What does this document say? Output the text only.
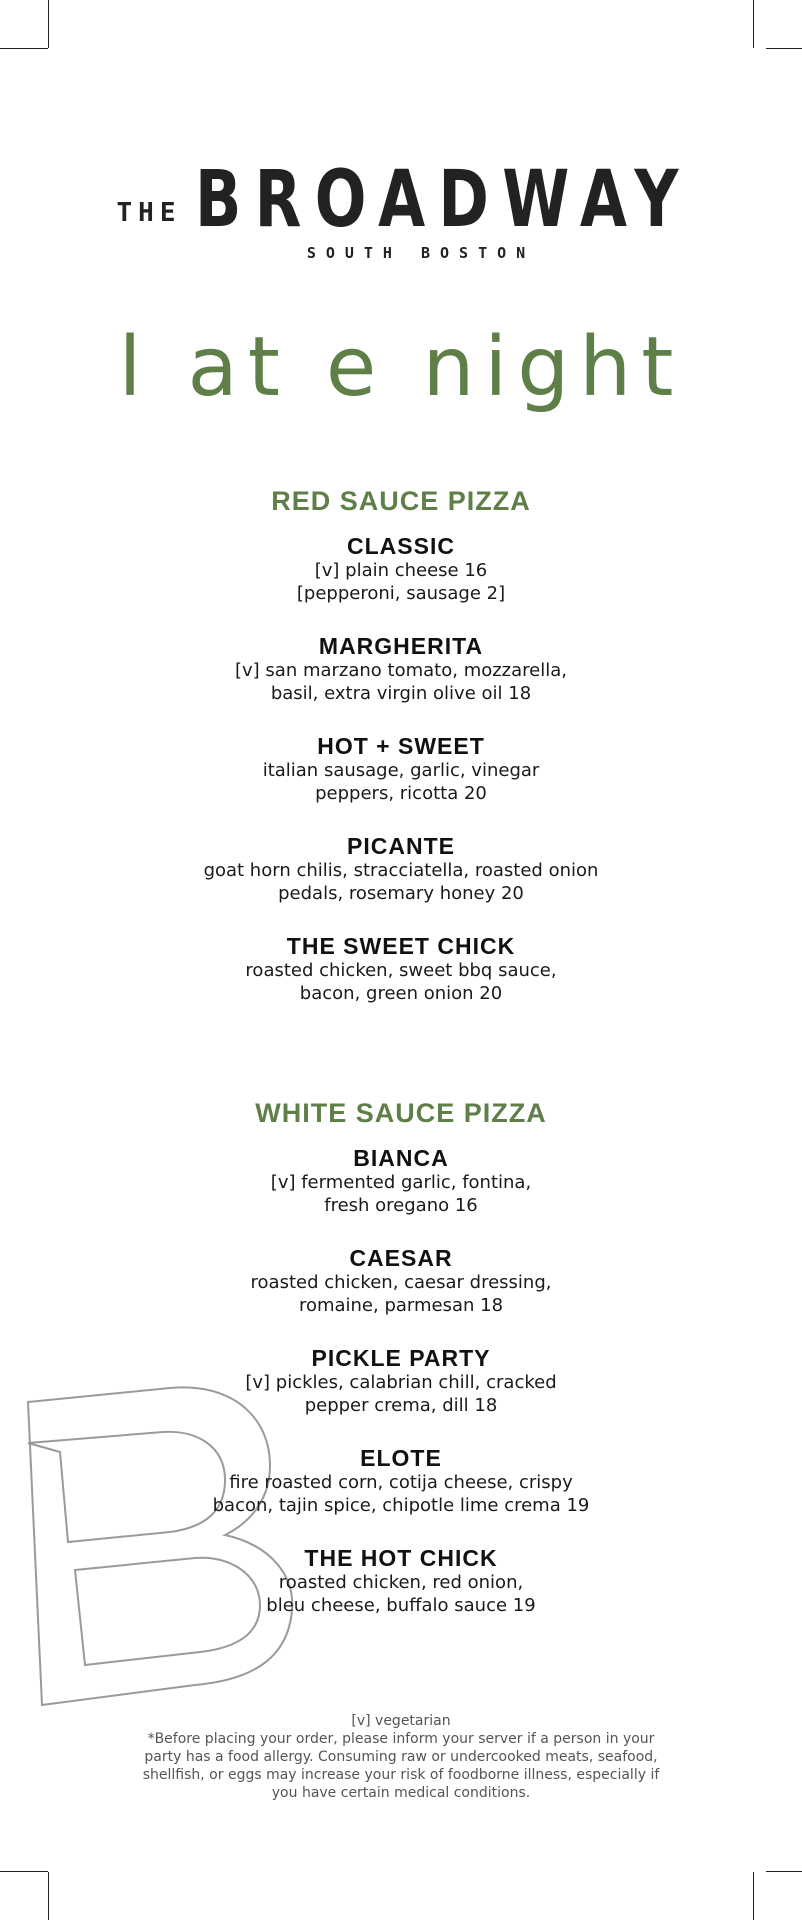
THE BROADWAY
SOUTH BOSTON
l at e night
RED SAUCE PIZZA
CLASSIC
[v] plain cheese 16
[pepperoni, sausage 2]
MARGHERITA
[v] san marzano tomato, mozzarella,
basil, extra virgin olive oil 18
HOT + SWEET
italian sausage, garlic, vinegar
peppers, ricotta 20
PICANTE
goat horn chilis, stracciatella, roasted onion
pedals, rosemary honey 20
THE SWEET CHICK
roasted chicken, sweet bbq sauce,
bacon, green onion 20
WHITE SAUCE PIZZA
BIANCA
[v] fermented garlic, fontina,
fresh oregano 16
CAESAR
roasted chicken, caesar dressing,
romaine, parmesan 18
PICKLE PARTY
[v] pickles, calabrian chill, cracked
pepper crema, dill 18
ELOTE
fire roasted corn, cotija cheese, crispy
bacon, tajin spice, chipotle lime crema 19
THE HOT CHICK
roasted chicken, red onion,
bleu cheese, buffalo sauce 19
[v] vegetarian
*Before placing your order, please inform your server if a person in your
party has a food allergy. Consuming raw or undercooked meats, seafood,
shellfish, or eggs may increase your risk of foodborne illness, especially if
you have certain medical conditions.
